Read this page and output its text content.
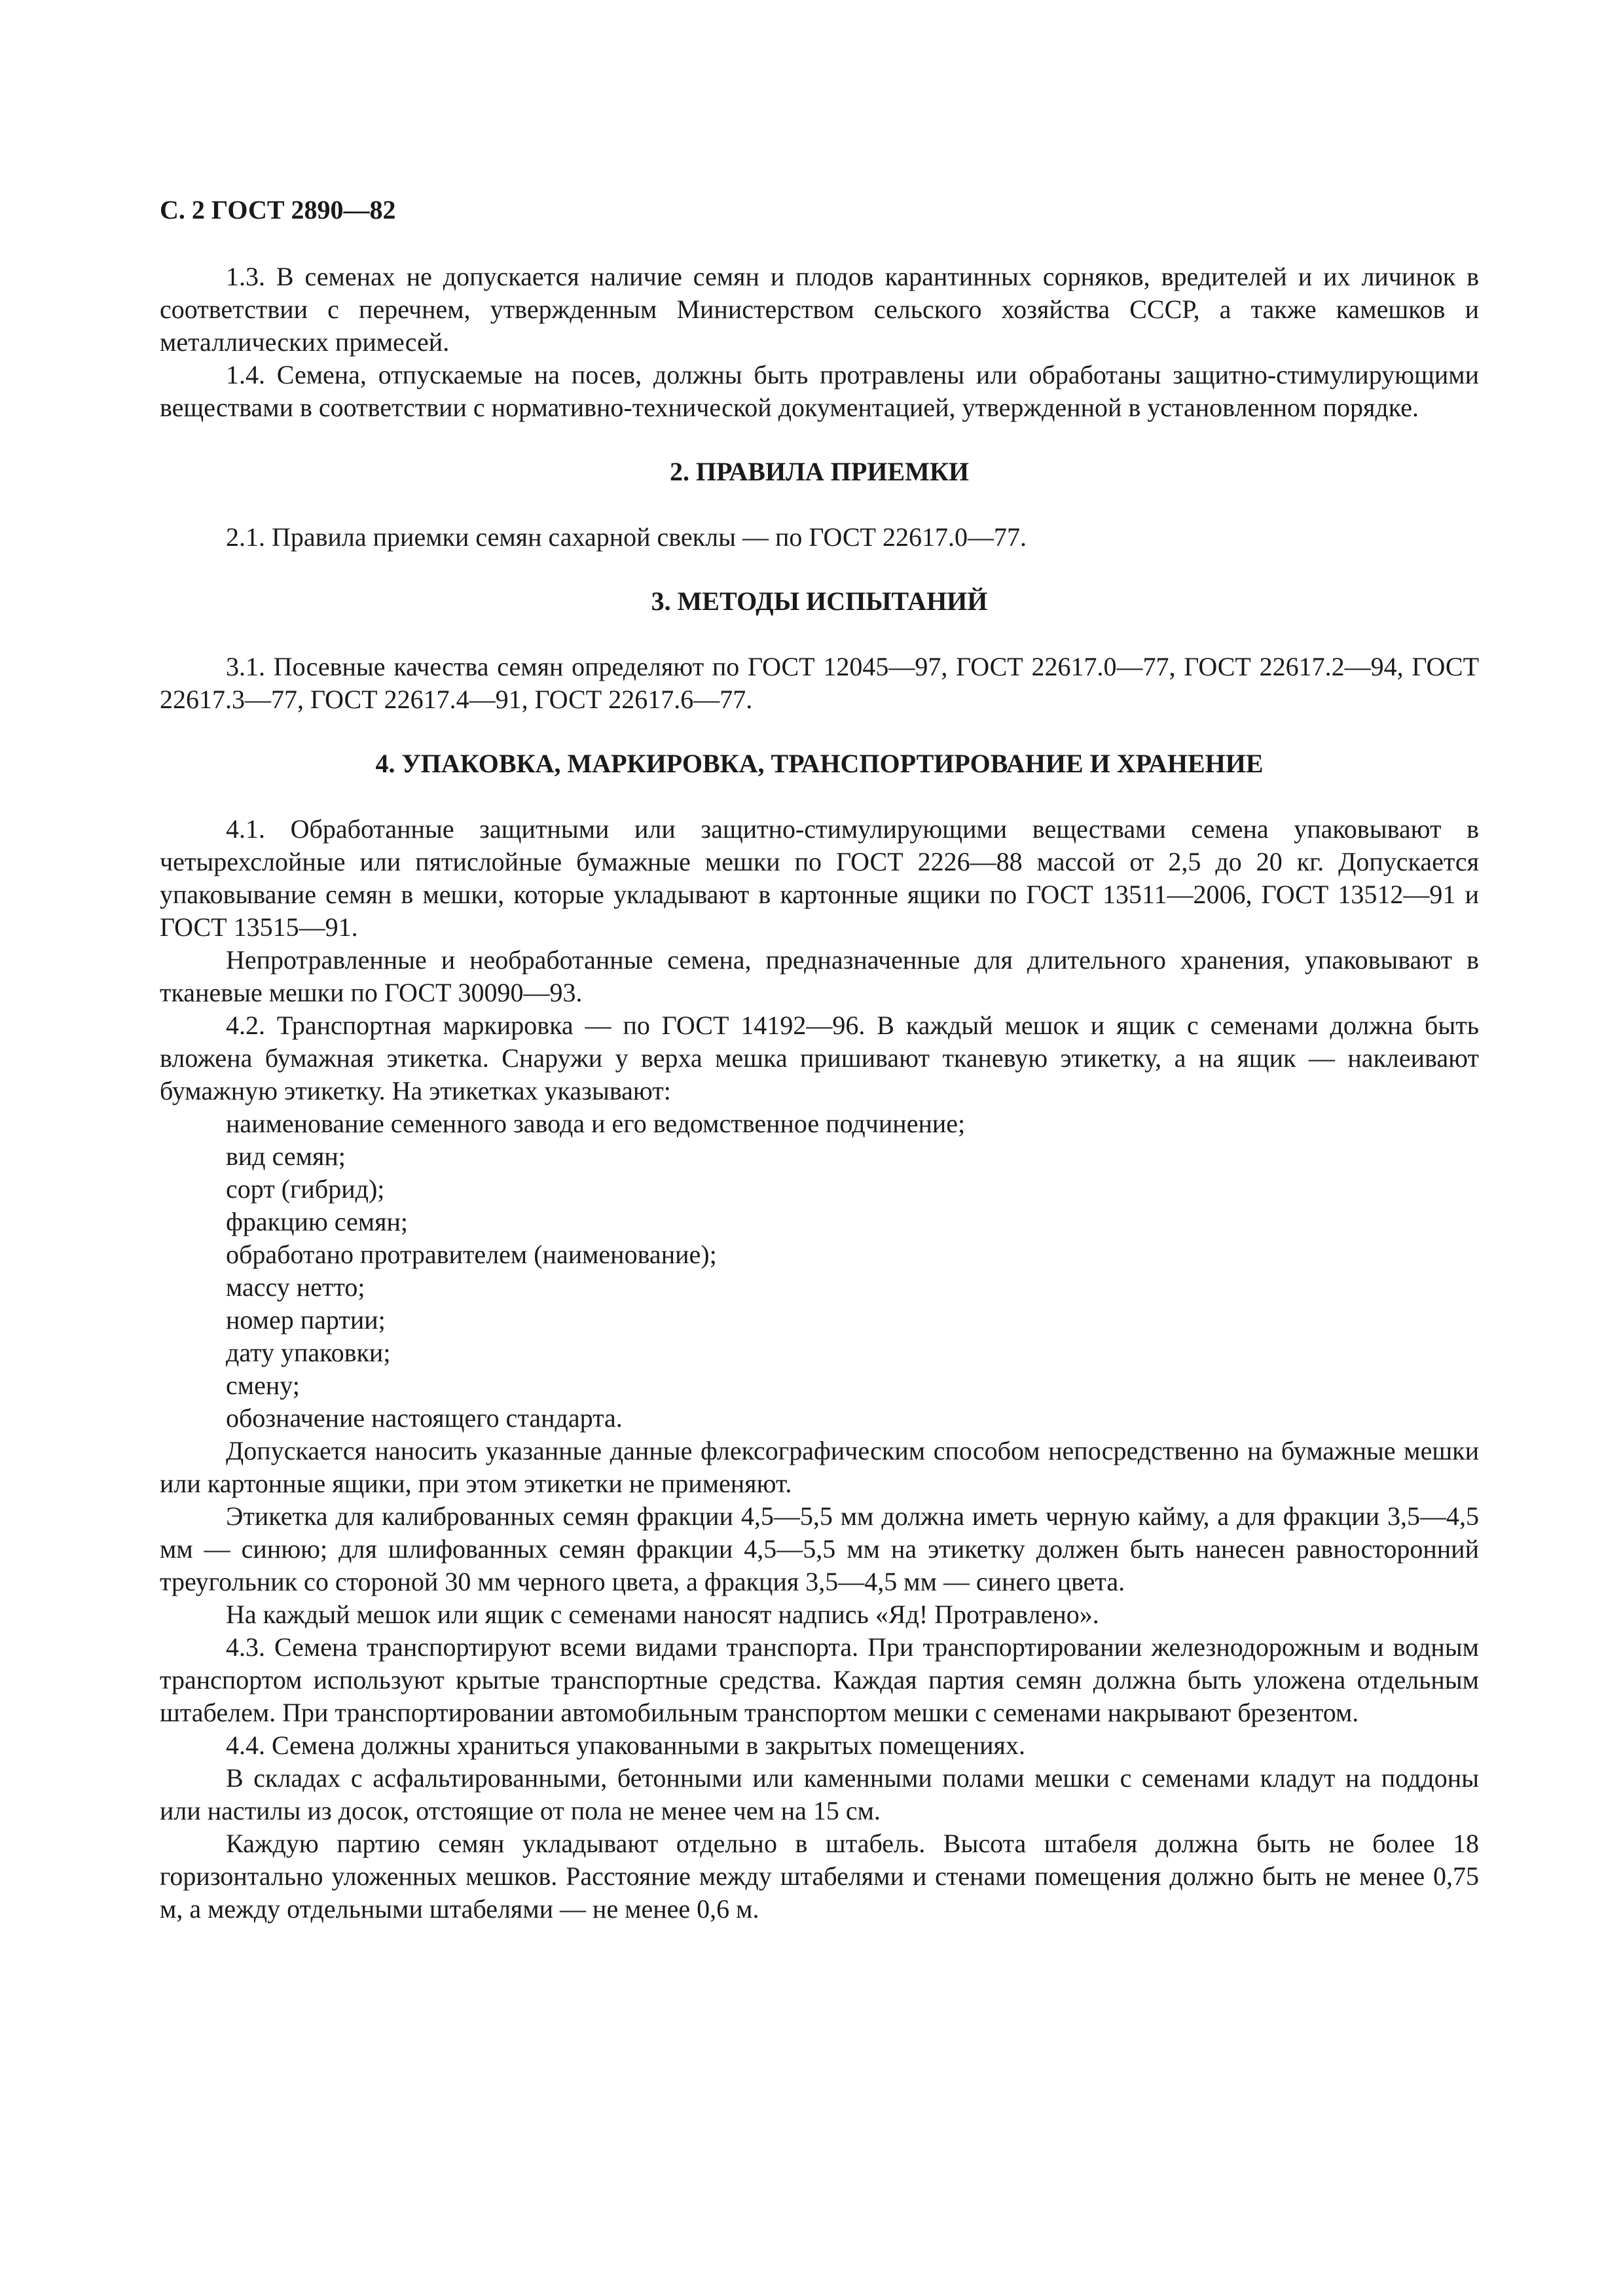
С. 2 ГОСТ 2890—82

1.3. В семенах не допускается наличие семян и плодов карантинных сорняков, вредителей и их личинок в соответствии с перечнем, утвержденным Министерством сельского хозяйства СССР, а также камешков и металлических примесей.

1.4. Семена, отпускаемые на посев, должны быть протравлены или обработаны защитно-стимулирующими веществами в соответствии с нормативно-технической документацией, утвержденной в установленном порядке.

2. ПРАВИЛА ПРИЕМКИ

2.1. Правила приемки семян сахарной свеклы — по ГОСТ 22617.0—77.

3. МЕТОДЫ ИСПЫТАНИЙ

3.1. Посевные качества семян определяют по ГОСТ 12045—97, ГОСТ 22617.0—77, ГОСТ 22617.2—94, ГОСТ 22617.3—77, ГОСТ 22617.4—91, ГОСТ 22617.6—77.

4. УПАКОВКА, МАРКИРОВКА, ТРАНСПОРТИРОВАНИЕ И ХРАНЕНИЕ

4.1. Обработанные защитными или защитно-стимулирующими веществами семена упаковывают в четырехслойные или пятислойные бумажные мешки по ГОСТ 2226—88 массой от 2,5 до 20 кг. Допускается упаковывание семян в мешки, которые укладывают в картонные ящики по ГОСТ 13511—2006, ГОСТ 13512—91 и ГОСТ 13515—91.

Непротравленные и необработанные семена, предназначенные для длительного хранения, упаковывают в тканевые мешки по ГОСТ 30090—93.

4.2. Транспортная маркировка — по ГОСТ 14192—96. В каждый мешок и ящик с семенами должна быть вложена бумажная этикетка. Снаружи у верха мешка пришивают тканевую этикетку, а на ящик — наклеивают бумажную этикетку. На этикетках указывают:

наименование семенного завода и его ведомственное подчинение;
вид семян;
сорт (гибрид);
фракцию семян;
обработано протравителем (наименование);
массу нетто;
номер партии;
дату упаковки;
смену;
обозначение настоящего стандарта.

Допускается наносить указанные данные флексографическим способом непосредственно на бумажные мешки или картонные ящики, при этом этикетки не применяют.

Этикетка для калиброванных семян фракции 4,5—5,5 мм должна иметь черную кайму, а для фракции 3,5—4,5 мм — синюю; для шлифованных семян фракции 4,5—5,5 мм на этикетку должен быть нанесен равносторонний треугольник со стороной 30 мм черного цвета, а фракция 3,5—4,5 мм — синего цвета.

На каждый мешок или ящик с семенами наносят надпись «Яд! Протравлено».

4.3. Семена транспортируют всеми видами транспорта. При транспортировании железнодорожным и водным транспортом используют крытые транспортные средства. Каждая партия семян должна быть уложена отдельным штабелем. При транспортировании автомобильным транспортом мешки с семенами накрывают брезентом.

4.4. Семена должны храниться упакованными в закрытых помещениях.

В складах с асфальтированными, бетонными или каменными полами мешки с семенами кладут на поддоны или настилы из досок, отстоящие от пола не менее чем на 15 см.

Каждую партию семян укладывают отдельно в штабель. Высота штабеля должна быть не более 18 горизонтально уложенных мешков. Расстояние между штабелями и стенами помещения должно быть не менее 0,75 м, а между отдельными штабелями — не менее 0,6 м.
